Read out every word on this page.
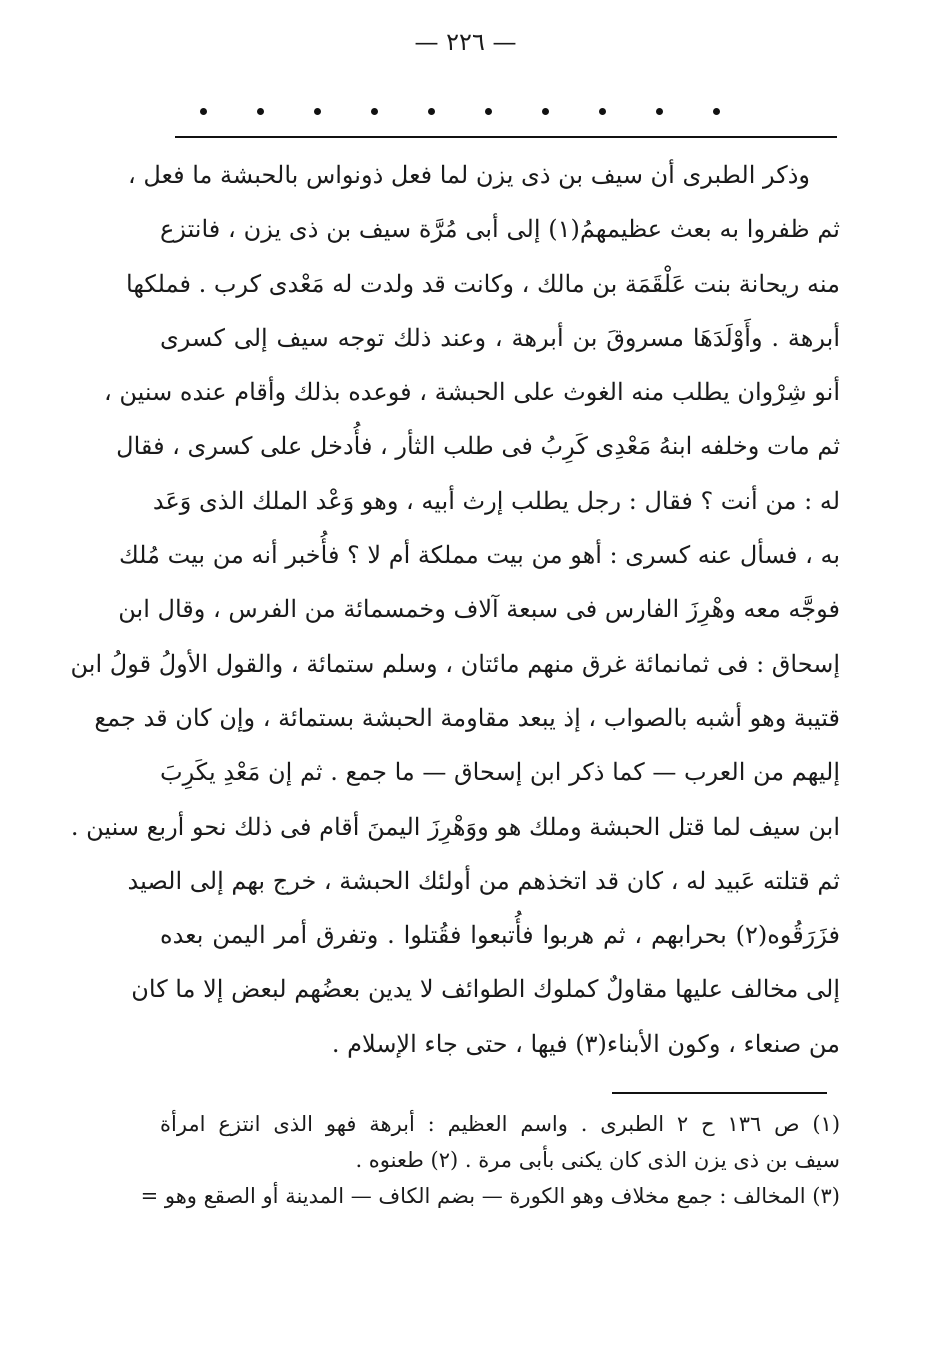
— ٢٢٦ —
وذكر الطبرى أن سيف بن ذى يزن لما فعل ذونواس بالحبشة ما فعل ،
ثم ظفروا به بعث عظيمهمُ(١) إلى أبى مُرَّة سيف بن ذى يزن ، فانتزع
منه ريحانة بنت عَلْقَمَة بن مالك ، وكانت قد ولدت له مَعْدى كرب . فملكها
أبرهة . وأَوْلَدَهَا مسروقَ بن أبرهة ، وعند ذلك توجه سيف إلى كسرى
أنو شِرْوان يطلب منه الغوث على الحبشة ، فوعده بذلك وأقام عنده سنين ،
ثم مات وخلفه ابنهُ مَعْدِى كَرِبُ فى طلب الثأر ، فأُدخل على كسرى ، فقال
له : من أنت ؟ فقال : رجل يطلب إرث أبيه ، وهو وَعْد الملك الذى وَعَد
به ، فسأل عنه كسرى : أهو من بيت مملكة أم لا ؟ فأُخبر أنه من بيت مُلك
فوجَّه معه وهْرِزَ الفارس فى سبعة آلاف وخمسمائة من الفرس ، وقال ابن
إسحاق : فى ثمانمائة غرق منهم مائتان ، وسلم ستمائة ، والقول الأولُ قولُ ابن
قتيبة وهو أشبه بالصواب ، إذ يبعد مقاومة الحبشة بستمائة ، وإن كان قد جمع
إليهم من العرب — كما ذكر ابن إسحاق — ما جمع . ثم إن مَعْدِ يكَرِبَ
ابن سيف لما قتل الحبشة وملك هو ووَهْرِزَ اليمنَ أقام فى ذلك نحو أربع سنين .
ثم قتلته عَبيد له ، كان قد اتخذهم من أولئك الحبشة ، خرج بهم إلى الصيد
فزَرَقُوه(٢) بحرابهم ، ثم هربوا فأُتبعوا فقُتلوا . وتفرق أمر اليمن بعده
إلى مخالف عليها مقاولٌ كملوك الطوائف لا يدين بعضُهم لبعض إلا ما كان
من صنعاء ، وكون الأبناء(٣) فيها ، حتى جاء الإسلام .
(١) ص ١٣٦ ح ٢ الطبرى . واسم العظيم : أبرهة فهو الذى انتزع امرأة
سيف بن ذى يزن الذى كان يكنى بأبى مرة . (٢) طعنوه .
(٣) المخالف : جمع مخلاف وهو الكورة — بضم الكاف — المدينة أو الصقع وهو =
